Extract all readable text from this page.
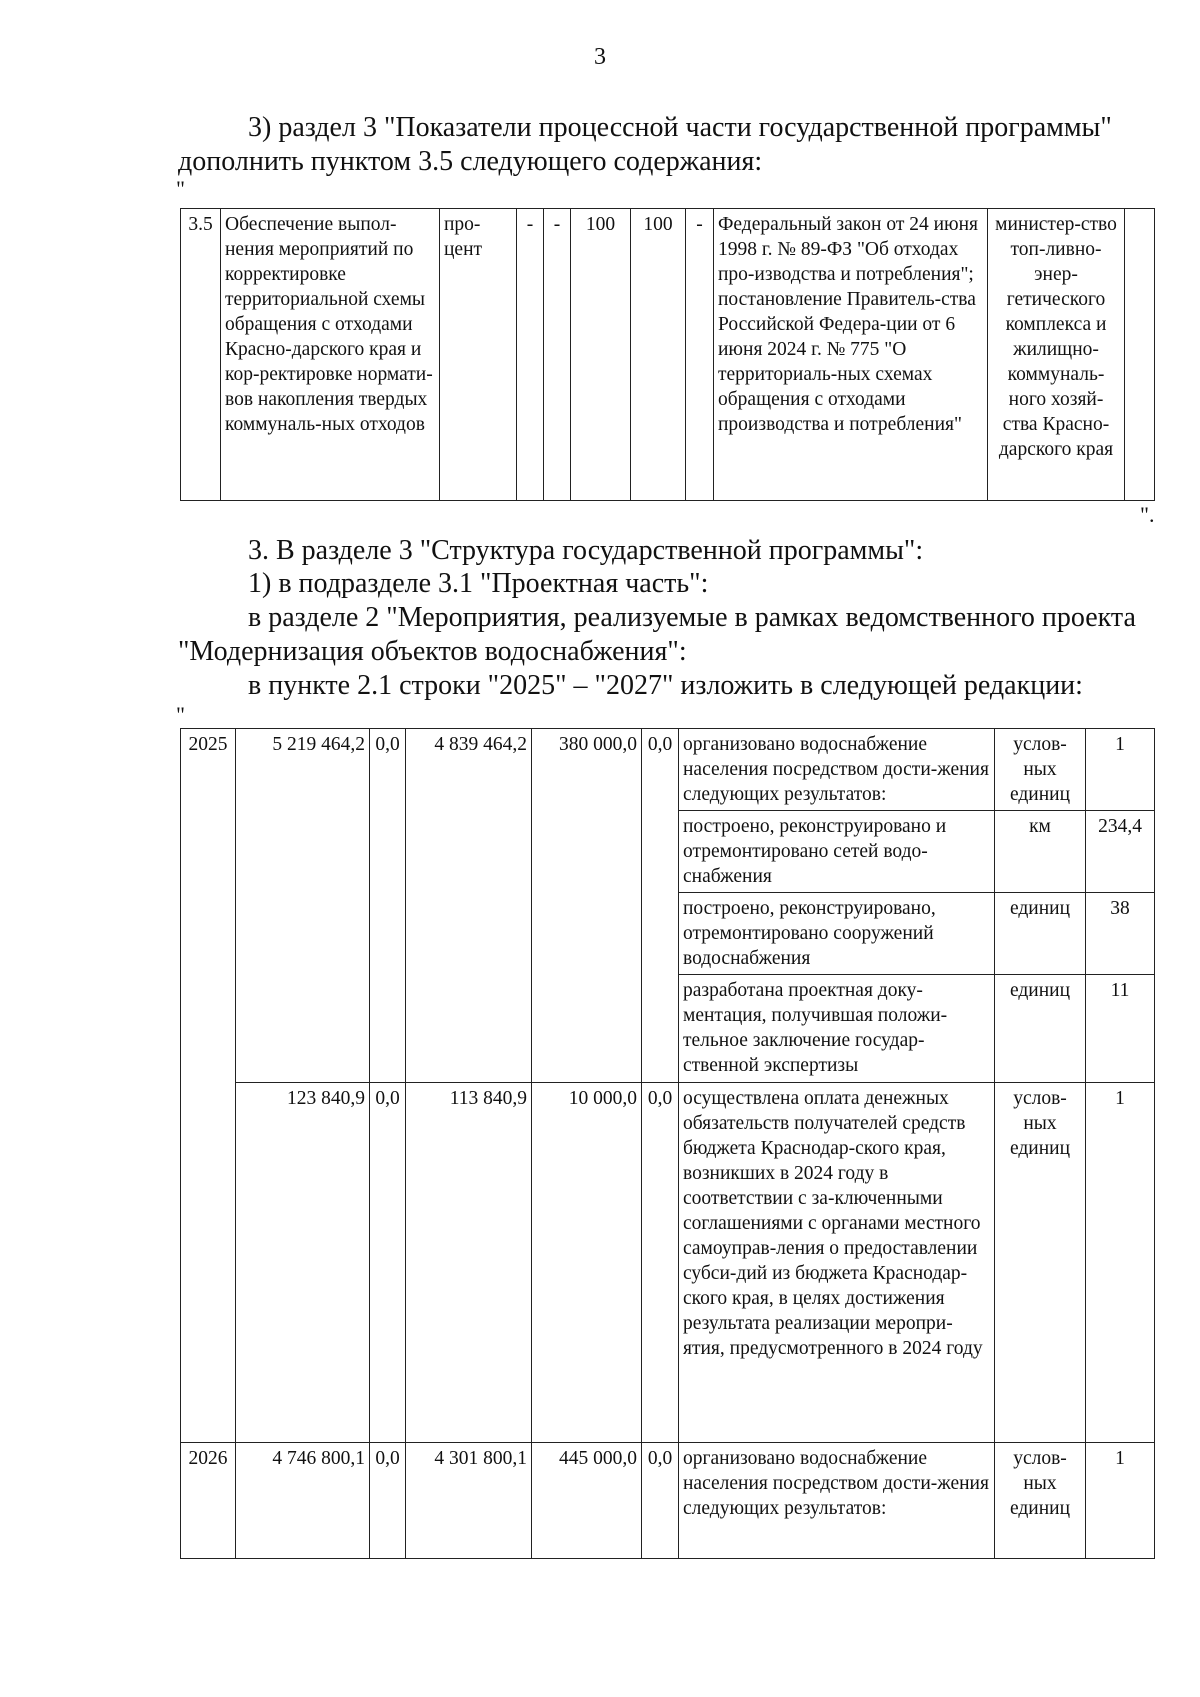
3
3) раздел 3 "Показатели процессной части государственной программы"
дополнить пунктом 3.5 следующего содержания:
"
3.5	Обеспечение выпол-нения мероприятий по корректировке территориальной схемы обращения с отходами Красно-дарского края и кор-ректировке нормати-вов накопления твердых коммуналь-ных отходов	про-цент	-	-	100	100	-	Федеральный закон от 24 июня 1998 г. № 89-ФЗ "Об отходах про-изводства и потребления"; постановление Правитель-ства Российской Федера-ции от 6 июня 2024 г. № 775 "О территориаль-ных схемах обращения с отходами производства и потребления"	министер-ство топ-ливно-энер-гетического комплекса и жилищно-коммуналь-ного хозяй-ства Красно-дарского края	
".
3. В разделе 3 "Структура государственной программы":
1) в подразделе 3.1 "Проектная часть":
в разделе 2 "Мероприятия, реализуемые в рамках ведомственного проекта
"Модернизация объектов водоснабжения":
в пункте 2.1 строки "2025" – "2027" изложить в следующей редакции:
"
2025	5 219 464,2	0,0	4 839 464,2	380 000,0	0,0	организовано водоснабжение населения посредством дости-жения следующих результатов:	услов-ных единиц	1
						построено, реконструировано и отремонтировано сетей водо-снабжения	км	234,4
						построено, реконструировано, отремонтировано сооружений водоснабжения	единиц	38
						разработана проектная доку-ментация, получившая положи-тельное заключение государ-ственной экспертизы	единиц	11
	123 840,9	0,0	113 840,9	10 000,0	0,0	осуществлена оплата денежных обязательств получателей средств бюджета Краснодар-ского края, возникших в 2024 году в соответствии с за-ключенными соглашениями с органами местного самоуправ-ления о предоставлении субси-дий из бюджета Краснодар-ского края, в целях достижения результата реализации меропри-ятия, предусмотренного в 2024 году	услов-ных единиц	1
2026	4 746 800,1	0,0	4 301 800,1	445 000,0	0,0	организовано водоснабжение населения посредством дости-жения следующих результатов:	услов-ных единиц	1
